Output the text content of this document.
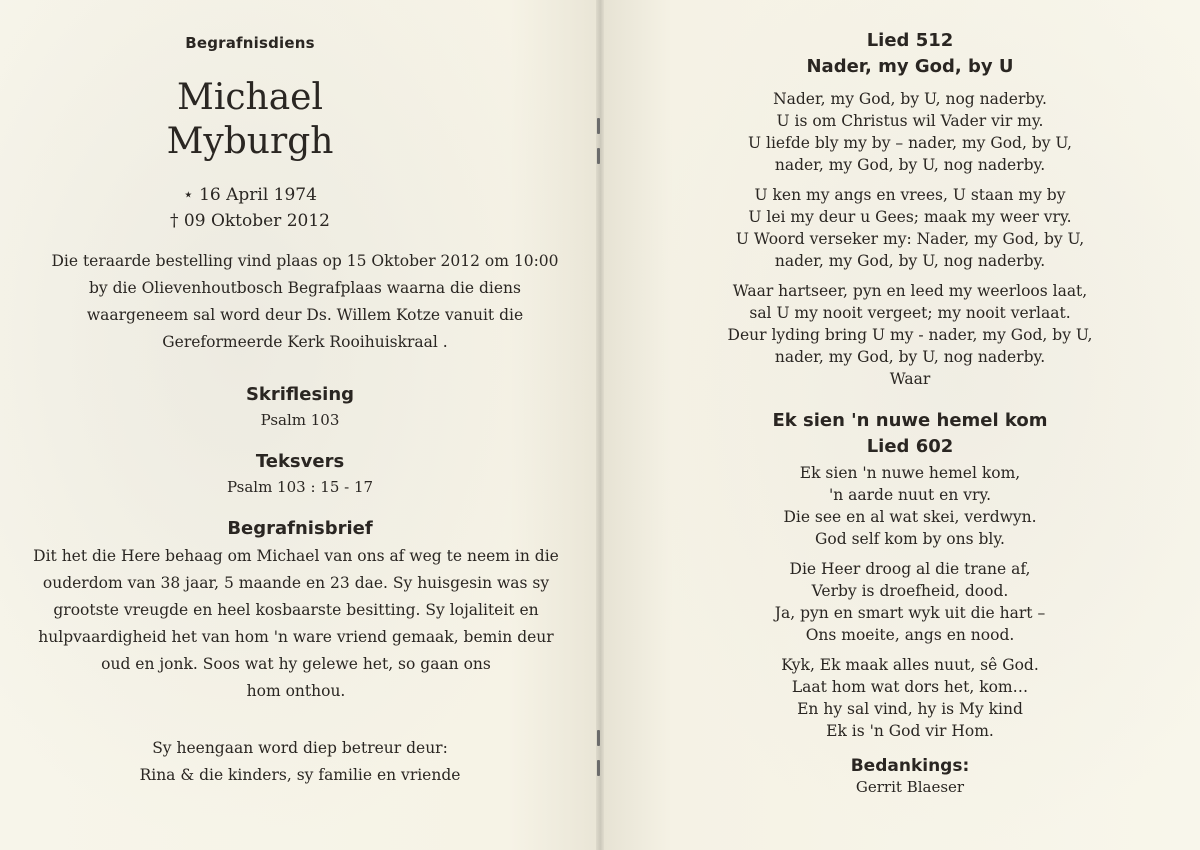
Begrafnisdiens
Michael
Myburgh
⋆ 16 April 1974
† 09 Oktober 2012
Die teraarde bestelling vind plaas op 15 Oktober 2012 om 10:00
by die Olievenhoutbosch Begrafplaas waarna die diens
waargeneem sal word deur Ds. Willem Kotze vanuit die
Gereformeerde Kerk Rooihuiskraal .
Skriflesing
Psalm 103
Teksvers
Psalm 103 : 15 - 17
Begrafnisbrief
Dit het die Here behaag om Michael van ons af weg te neem in die
ouderdom van 38 jaar, 5 maande en 23 dae. Sy huisgesin was sy
grootste vreugde en heel kosbaarste besitting. Sy lojaliteit en
hulpvaardigheid het van hom 'n ware vriend gemaak, bemin deur
oud en jonk. Soos wat hy gelewe het, so gaan ons
hom onthou.
Sy heengaan word diep betreur deur:
Rina & die kinders, sy familie en vriende
Lied 512
Nader, my God, by U
Nader, my God, by U, nog naderby.
U is om Christus wil Vader vir my.
U liefde bly my by – nader, my God, by U,
nader, my God, by U, nog naderby.
U ken my angs en vrees, U staan my by
U lei my deur u Gees; maak my weer vry.
U Woord verseker my: Nader, my God, by U,
nader, my God, by U, nog naderby.
Waar hartseer, pyn en leed my weerloos laat,
sal U my nooit vergeet; my nooit verlaat.
Deur lyding bring U my - nader, my God, by U,
nader, my God, by U, nog naderby.
Waar
Ek sien 'n nuwe hemel kom
Lied 602
Ek sien 'n nuwe hemel kom,
'n aarde nuut en vry.
Die see en al wat skei, verdwyn.
God self kom by ons bly.
Die Heer droog al die trane af,
Verby is droefheid, dood.
Ja, pyn en smart wyk uit die hart –
Ons moeite, angs en nood.
Kyk, Ek maak alles nuut, sê God.
Laat hom wat dors het, kom…
En hy sal vind, hy is My kind
Ek is 'n God vir Hom.
Bedankings:
Gerrit Blaeser
